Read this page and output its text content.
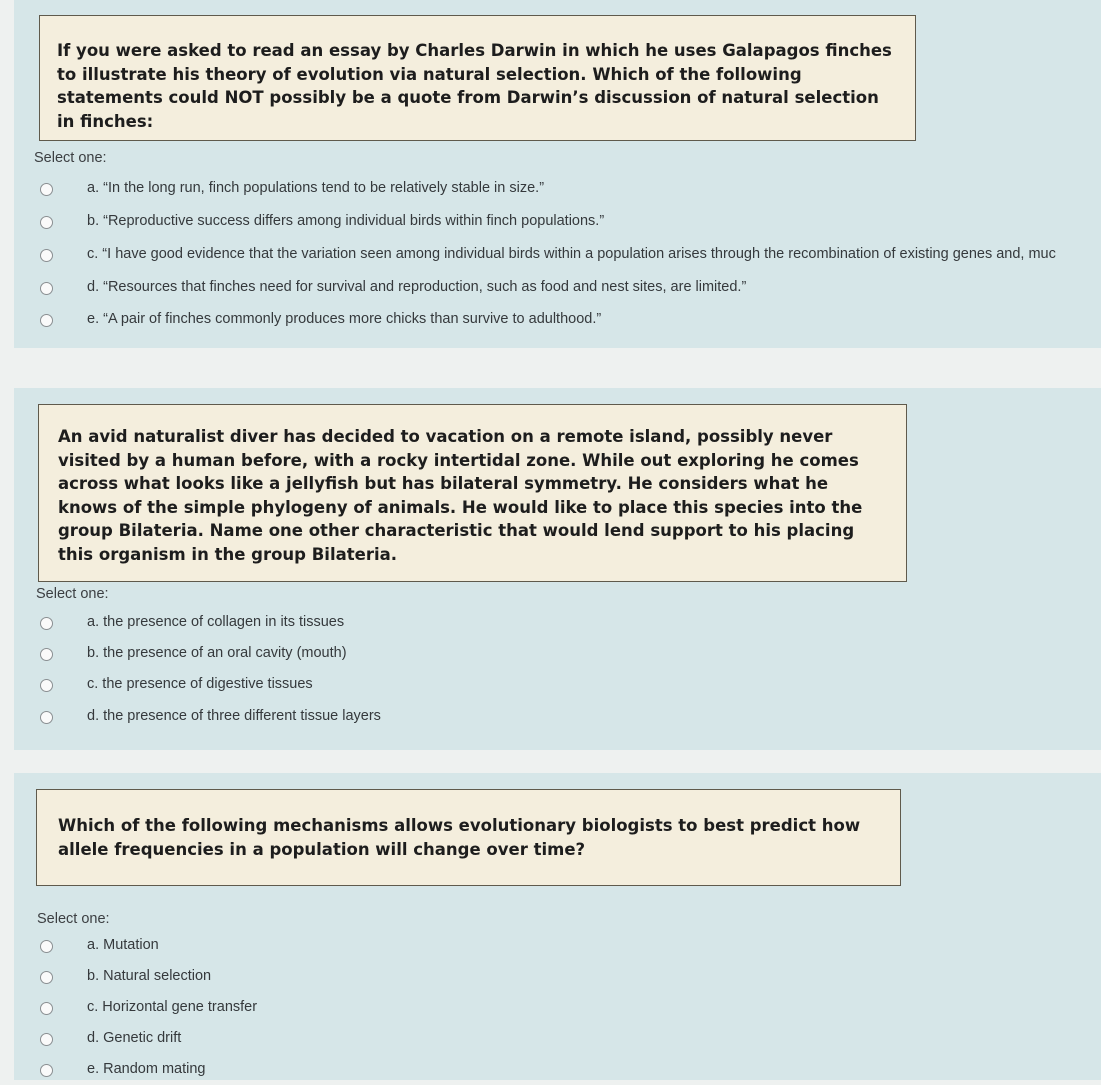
If you were asked to read an essay by Charles Darwin in which he uses Galapagos finches to illustrate his theory of evolution via natural selection. Which of the following statements could NOT possibly be a quote from Darwin’s discussion of natural selection in finches:
Select one:
a. “In the long run, finch populations tend to be relatively stable in size.”
b. “Reproductive success differs among individual birds within finch populations.”
c. “I have good evidence that the variation seen among individual birds within a population arises through the recombination of existing genes and, muc
d. “Resources that finches need for survival and reproduction, such as food and nest sites, are limited.”
e. “A pair of finches commonly produces more chicks than survive to adulthood.”
An avid naturalist diver has decided to vacation on a remote island, possibly never visited by a human before, with a rocky intertidal zone. While out exploring he comes across what looks like a jellyfish but has bilateral symmetry. He considers what he knows of the simple phylogeny of animals. He would like to place this species into the group Bilateria. Name one other characteristic that would lend support to his placing this organism in the group Bilateria.
Select one:
a. the presence of collagen in its tissues
b. the presence of an oral cavity (mouth)
c. the presence of digestive tissues
d. the presence of three different tissue layers
Which of the following mechanisms allows evolutionary biologists to best predict how allele frequencies in a population will change over time?
Select one:
a. Mutation
b. Natural selection
c. Horizontal gene transfer
d. Genetic drift
e. Random mating
